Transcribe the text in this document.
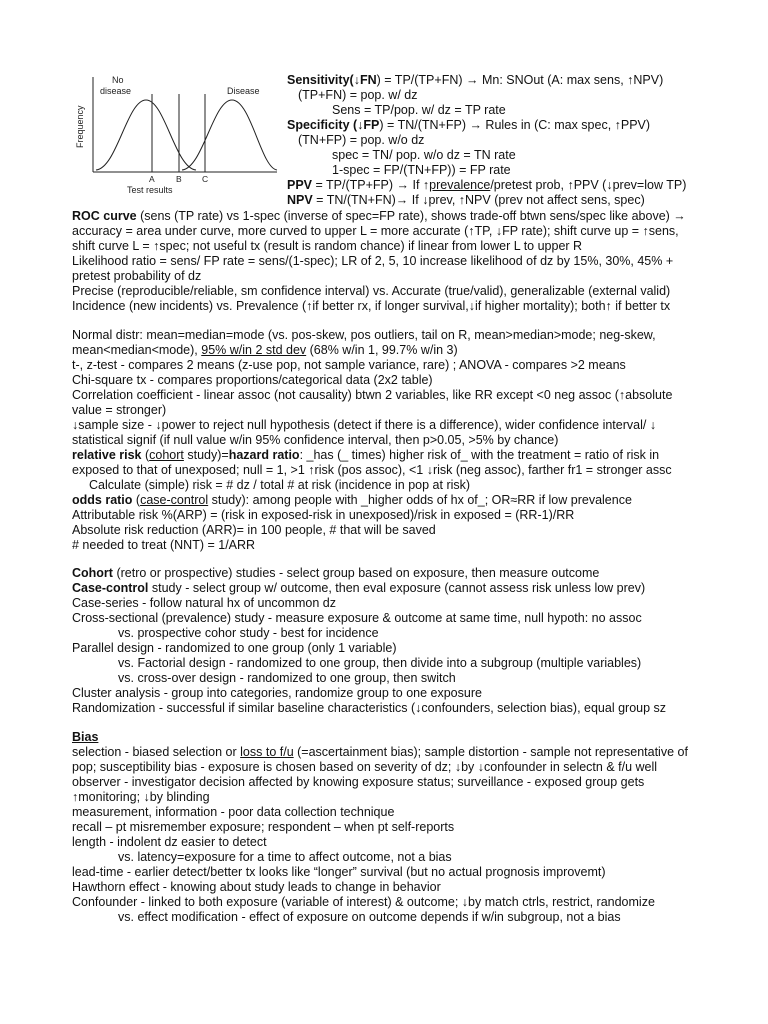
Frequency
No
disease	Disease
A	B C
Test results
Sensitivity(↓FN) = TP/(TP+FN) → Mn: SNOut (A: max sens, ↑NPV)
(TP+FN) = pop. w/ dz
Sens = TP/pop. w/ dz = TP rate
Specificity (↓FP) = TN/(TN+FP) → Rules in (C: max spec, ↑PPV)
(TN+FP) = pop. w/o dz
spec = TN/ pop. w/o dz = TN rate
1-spec = FP/(TN+FP)) = FP rate
PPV = TP/(TP+FP) → If ↑prevalence/pretest prob, ↑PPV (↓prev=low TP)
NPV = TN/(TN+FN)→ If ↓prev, ↑NPV (prev not affect sens, spec)
ROC curve (sens (TP rate) vs 1-spec (inverse of spec=FP rate), shows trade-off btwn sens/spec like above) →
accuracy = area under curve, more curved to upper L = more accurate (↑TP, ↓FP rate); shift curve up = ↑sens,
shift curve L = ↑spec; not useful tx (result is random chance) if linear from lower L to upper R
Likelihood ratio = sens/ FP rate = sens/(1-spec); LR of 2, 5, 10 increase likelihood of dz by 15%, 30%, 45% +
pretest probability of dz
Precise (reproducible/reliable, sm confidence interval) vs. Accurate (true/valid), generalizable (external valid)
Incidence (new incidents) vs. Prevalence (↑if better rx, if longer survival,↓if higher mortality); both↑ if better tx
Normal distr: mean=median=mode (vs. pos-skew, pos outliers, tail on R, mean>median>mode; neg-skew,
mean<median<mode), 95% w/in 2 std dev (68% w/in 1, 99.7% w/in 3)
t-, z-test - compares 2 means (z-use pop, not sample variance, rare) ; ANOVA - compares >2 means
Chi-square tx - compares proportions/categorical data (2x2 table)
Correlation coefficient - linear assoc (not causality) btwn 2 variables, like RR except <0 neg assoc (↑absolute
value = stronger)
↓sample size - ↓power to reject null hypothesis (detect if there is a difference), wider confidence interval/ ↓
statistical signif (if null value w/in 95% confidence interval, then p>0.05, >5% by chance)
relative risk (cohort study)=hazard ratio: _has (_ times) higher risk of_ with the treatment = ratio of risk in
exposed to that of unexposed; null = 1, >1 ↑risk (pos assoc), <1 ↓risk (neg assoc), farther fr1 = stronger assc
Calculate (simple) risk = # dz / total # at risk (incidence in pop at risk)
odds ratio (case-control study): among people with _higher odds of hx of_; OR≈RR if low prevalence
Attributable risk %(ARP) = (risk in exposed-risk in unexposed)/risk in exposed = (RR-1)/RR
Absolute risk reduction (ARR)= in 100 people, # that will be saved
# needed to treat (NNT) = 1/ARR
Cohort (retro or prospective) studies - select group based on exposure, then measure outcome
Case-control study - select group w/ outcome, then eval exposure (cannot assess risk unless low prev)
Case-series - follow natural hx of uncommon dz
Cross-sectional (prevalence) study - measure exposure & outcome at same time, null hypoth: no assoc
vs. prospective cohor study - best for incidence
Parallel design - randomized to one group (only 1 variable)
vs. Factorial design - randomized to one group, then divide into a subgroup (multiple variables)
vs. cross-over design - randomized to one group, then switch
Cluster analysis - group into categories, randomize group to one exposure
Randomization - successful if similar baseline characteristics (↓confounders, selection bias), equal group sz
Bias
selection - biased selection or loss to f/u (=ascertainment bias); sample distortion - sample not representative of
pop; susceptibility bias - exposure is chosen based on severity of dz; ↓by ↓confounder in selectn & f/u well
observer - investigator decision affected by knowing exposure status; surveillance - exposed group gets
↑monitoring; ↓by blinding
measurement, information - poor data collection technique
recall – pt misremember exposure; respondent – when pt self-reports
length - indolent dz easier to detect
vs. latency=exposure for a time to affect outcome, not a bias
lead-time - earlier detect/better tx looks like “longer” survival (but no actual prognosis improvemt)
Hawthorn effect - knowing about study leads to change in behavior
Confounder - linked to both exposure (variable of interest) & outcome; ↓by match ctrls, restrict, randomize
vs. effect modification - effect of exposure on outcome depends if w/in subgroup, not a bias
